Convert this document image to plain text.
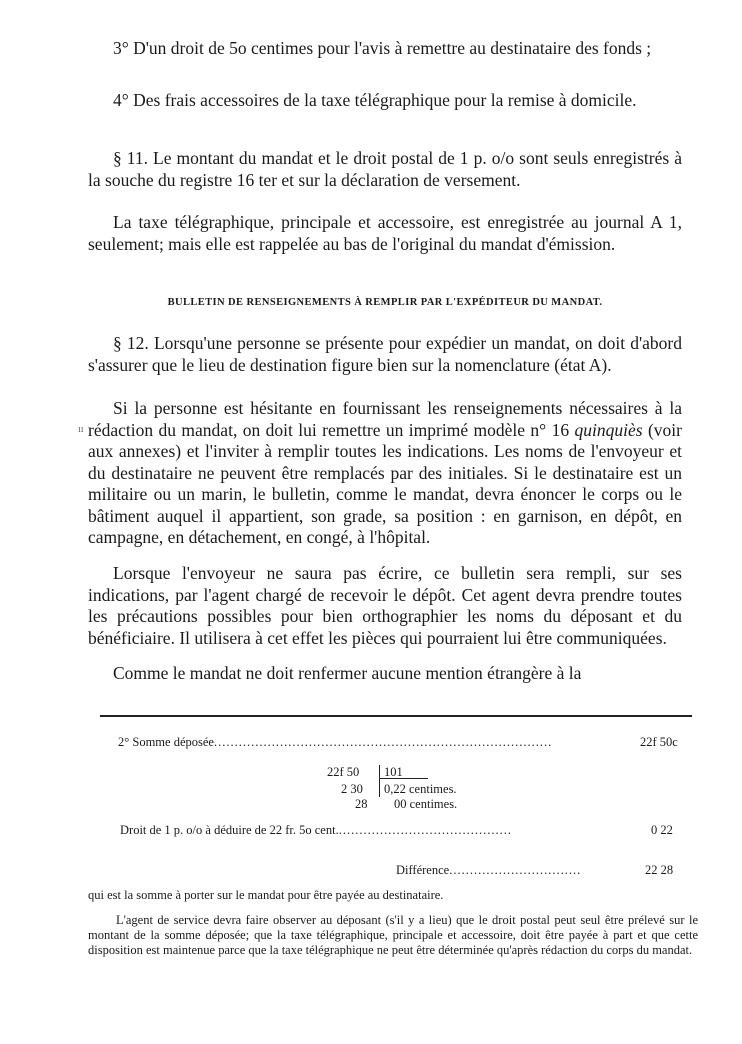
3° D'un droit de 5o centimes pour l'avis à remettre au destinataire des fonds ;

4° Des frais accessoires de la taxe télégraphique pour la remise à domicile.

§ 11. Le montant du mandat et le droit postal de 1 p. o/o sont seuls enregistrés à la souche du registre 16 ter et sur la déclaration de versement.

La taxe télégraphique, principale et accessoire, est enregistrée au journal A 1, seulement; mais elle est rappelée au bas de l'original du mandat d'émission.

BULLETIN DE RENSEIGNEMENTS À REMPLIR PAR L'EXPÉDITEUR DU MANDAT.

§ 12. Lorsqu'une personne se présente pour expédier un mandat, on doit d'abord s'assurer que le lieu de destination figure bien sur la nomenclature (état A).

Si la personne est hésitante en fournissant les renseignements nécessaires à la rédaction du mandat, on doit lui remettre un imprimé modèle n° 16 quinquiès (voir aux annexes) et l'inviter à remplir toutes les indications. Les noms de l'envoyeur et du destinataire ne peuvent être remplacés par des initiales. Si le destinataire est un militaire ou un marin, le bulletin, comme le mandat, devra énoncer le corps ou le bâtiment auquel il appartient, son grade, sa position : en garnison, en dépôt, en campagne, en détachement, en congé, à l'hôpital.

Lorsque l'envoyeur ne saura pas écrire, ce bulletin sera rempli, sur ses indications, par l'agent chargé de recevoir le dépôt. Cet agent devra prendre toutes les précautions possibles pour bien orthographier les noms du déposant et du bénéficiaire. Il utilisera à cet effet les pièces qui pourraient lui être communiquées.

Comme le mandat ne doit renfermer aucune mention étrangère à la

ıı
2° Somme déposée..................................................................................	22f 50c
22f 50 101
2 30 0,22 centimes.
28 00 centimes.
Droit de 1 p. o/o à déduire de 22 fr. 5o cent...........................................	0 22
Différence................................	22 28
qui est la somme à porter sur le mandat pour être payée au destinataire.

L'agent de service devra faire observer au déposant (s'il y a lieu) que le droit postal peut seul être prélevé sur le montant de la somme déposée; que la taxe télégraphique, principale et accessoire, doit être payée à part et que cette disposition est maintenue parce que la taxe télégraphique ne peut être déterminée qu'après rédaction du corps du mandat.
